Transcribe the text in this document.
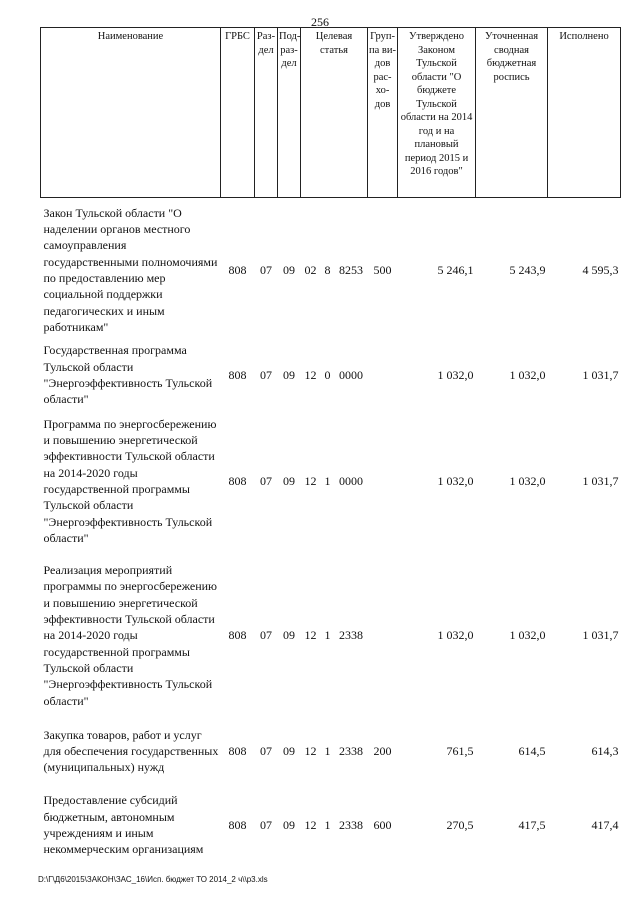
256
Наименование	ГРБС	Раз-дел	Под-раз-дел	Целевая статья			Груп-па ви-дов рас-хо-дов	Утверждено Законом Тульской области "О бюджете Тульской области на 2014 год и на плановый период 2015 и 2016 годов"	Уточненная сводная бюджетная роспись	Исполнено
Закон Тульской области "О наделении органов местного самоуправления государственными полномочиями по предоставлению мер социальной поддержки педагогических и иным работникам"	808	07	09	02	8	8253	500	5 246,1	5 243,9	4 595,3
Государственная программа Тульской области "Энергоэффективность Тульской области"	808	07	09	12	0	0000		1 032,0	1 032,0	1 031,7
Программа по энергосбережению и повышению энергетической эффективности Тульской области на 2014-2020 годы государственной программы Тульской области "Энергоэффективность Тульской области"	808	07	09	12	1	0000		1 032,0	1 032,0	1 031,7
Реализация мероприятий программы по энергосбережению и повышению энергетической эффективности Тульской области на 2014-2020 годы государственной программы Тульской области "Энергоэффективность Тульской области"	808	07	09	12	1	2338		1 032,0	1 032,0	1 031,7
Закупка товаров, работ и услуг для обеспечения государственных (муниципальных) нужд	808	07	09	12	1	2338	200	761,5	614,5	614,3
Предоставление субсидий бюджетным, автономным учреждениям и иным некоммерческим организациям	808	07	09	12	1	2338	600	270,5	417,5	417,4
D:\Г\Д6\2015\ЗАКОН\ЗАС_16\Исп. бюджет ТО 2014_2 ч\\р3.xls
